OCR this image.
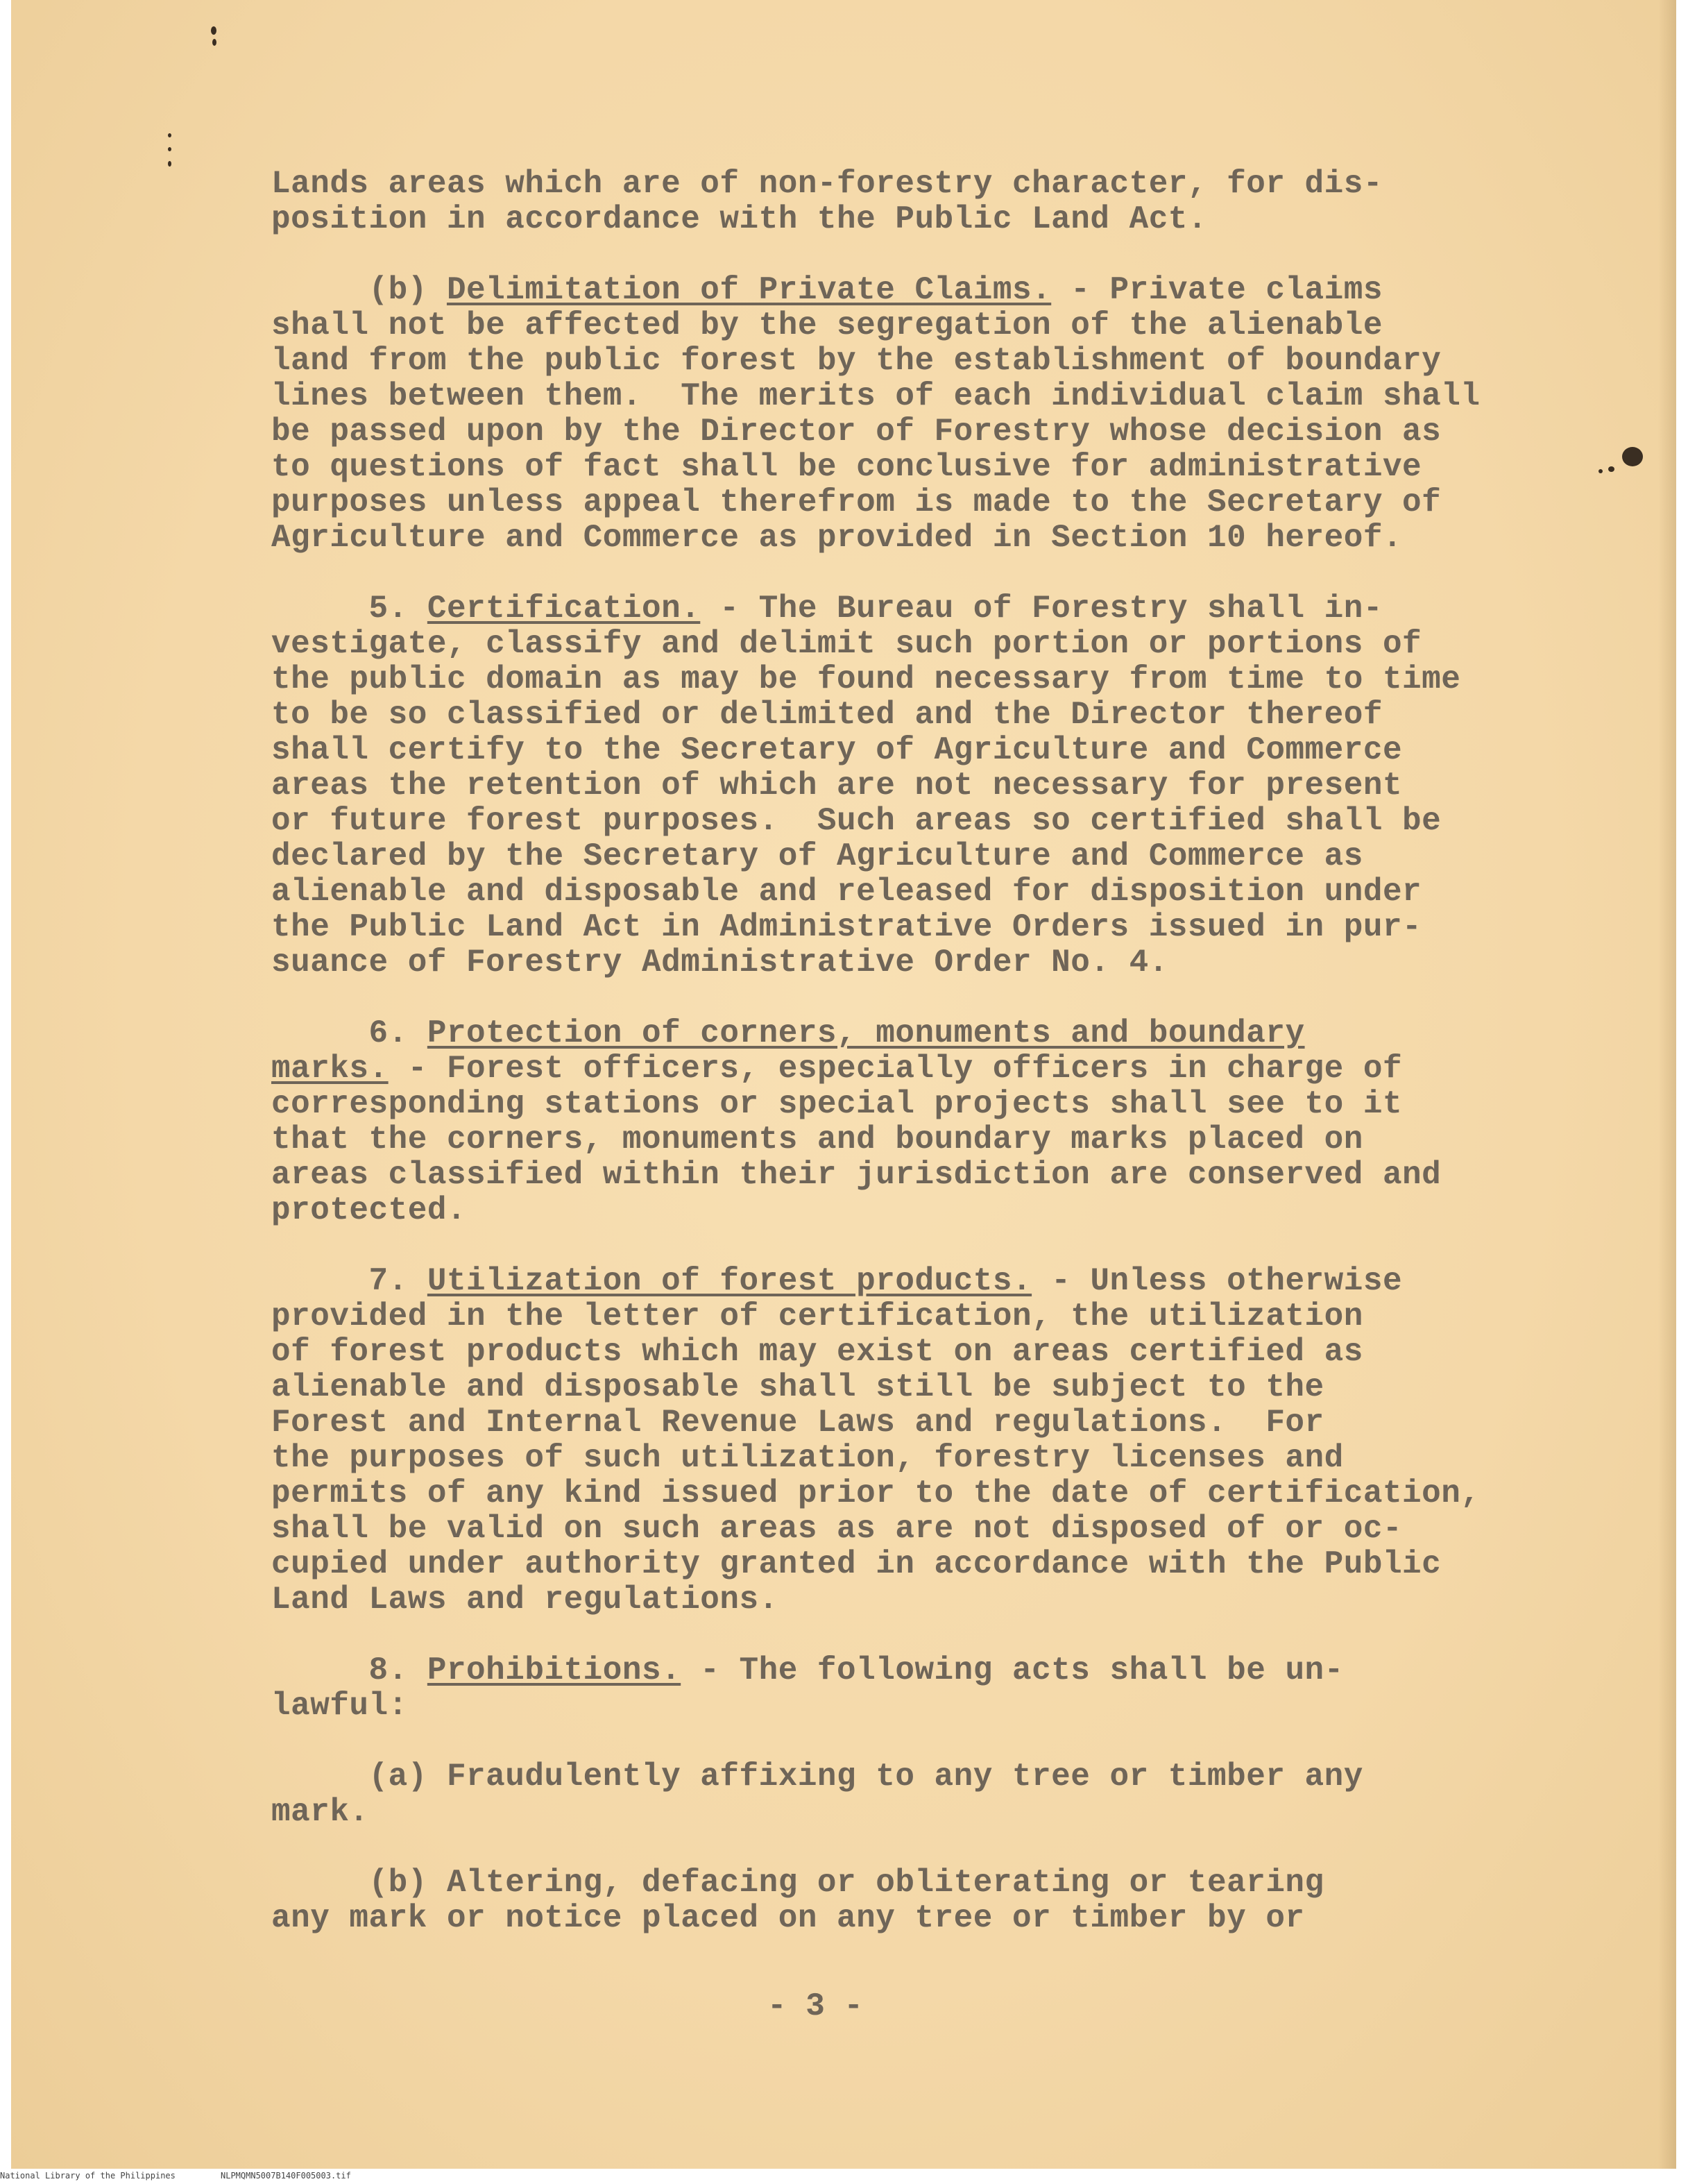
Lands areas which are of non-forestry character, for dis-
position in accordance with the Public Land Act.
(b) Delimitation of Private Claims. - Private claims
shall not be affected by the segregation of the alienable
land from the public forest by the establishment of boundary
lines between them.  The merits of each individual claim shall
be passed upon by the Director of Forestry whose decision as
to questions of fact shall be conclusive for administrative
purposes unless appeal therefrom is made to the Secretary of
Agriculture and Commerce as provided in Section 10 hereof.
5. Certification. - The Bureau of Forestry shall in-
vestigate, classify and delimit such portion or portions of
the public domain as may be found necessary from time to time
to be so classified or delimited and the Director thereof
shall certify to the Secretary of Agriculture and Commerce
areas the retention of which are not necessary for present
or future forest purposes.  Such areas so certified shall be
declared by the Secretary of Agriculture and Commerce as
alienable and disposable and released for disposition under
the Public Land Act in Administrative Orders issued in pur-
suance of Forestry Administrative Order No. 4.
6. Protection of corners, monuments and boundary
marks. - Forest officers, especially officers in charge of
corresponding stations or special projects shall see to it
that the corners, monuments and boundary marks placed on
areas classified within their jurisdiction are conserved and
protected.
7. Utilization of forest products. - Unless otherwise
provided in the letter of certification, the utilization
of forest products which may exist on areas certified as
alienable and disposable shall still be subject to the
Forest and Internal Revenue Laws and regulations.  For
the purposes of such utilization, forestry licenses and
permits of any kind issued prior to the date of certification,
shall be valid on such areas as are not disposed of or oc-
cupied under authority granted in accordance with the Public
Land Laws and regulations.
8. Prohibitions. - The following acts shall be un-
lawful:
(a) Fraudulently affixing to any tree or timber any
mark.
(b) Altering, defacing or obliterating or tearing
any mark or notice placed on any tree or timber by or
- 3 -
National Library of the Philippines	NLPMQMN5007B140F005003.tif
